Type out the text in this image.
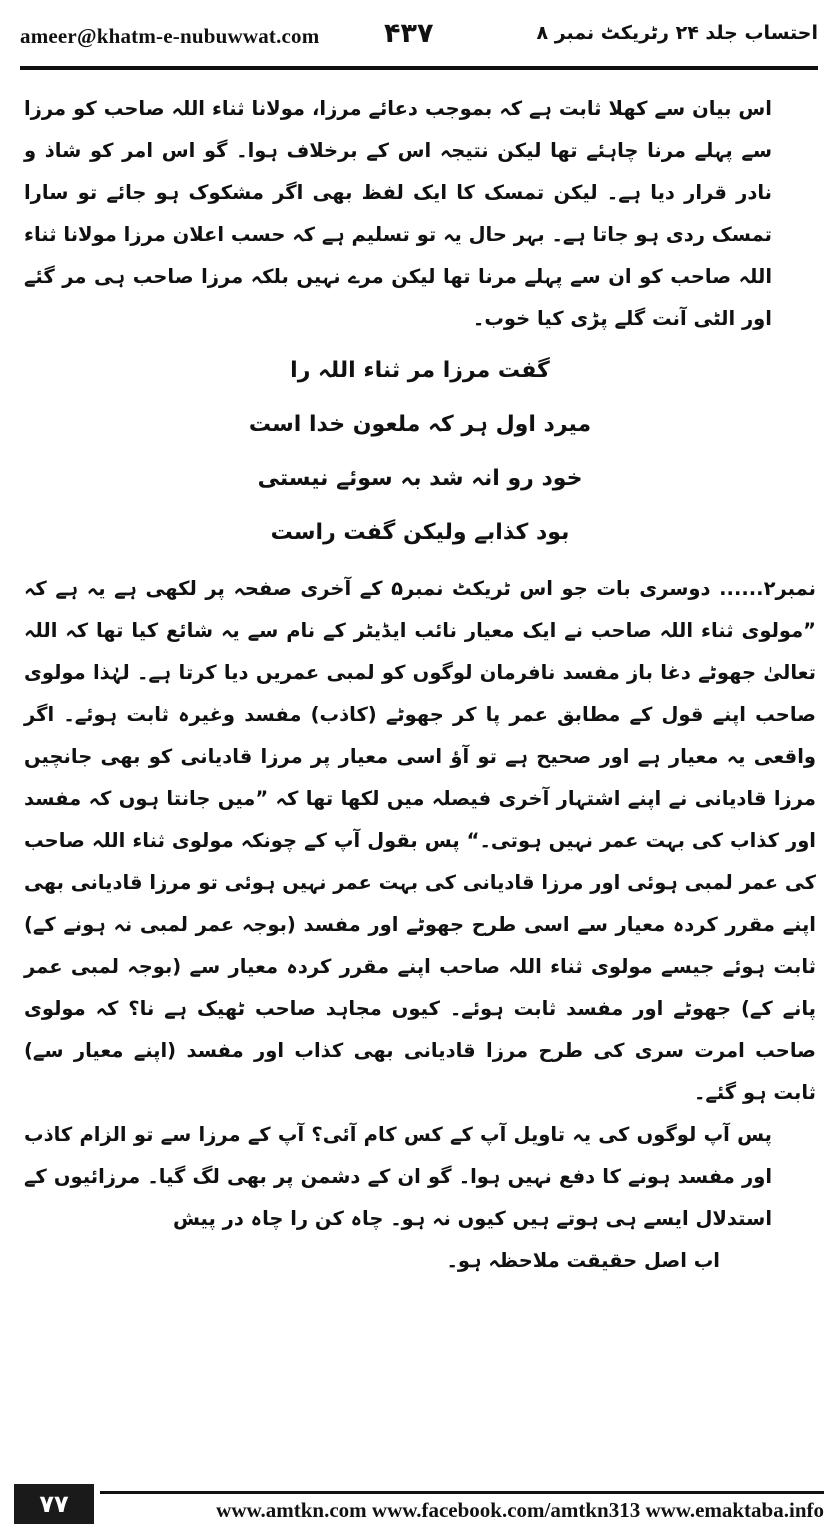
ameer@khatm-e-nubuwwat.com ۴۳۷	احتساب جلد ۲۴ رٹریکٹ نمبر ۸

اس بیان سے کھلا ثابت ہے کہ بموجب دعائے مرزا، مولانا ثناء اللہ صاحب کو مرزا سے پہلے مرنا چاہئے تھا لیکن نتیجہ اس کے برخلاف ہوا۔ گو اس امر کو شاذ و نادر قرار دیا ہے۔ لیکن تمسک کا ایک لفظ بھی اگر مشکوک ہو جائے تو سارا تمسک ردی ہو جاتا ہے۔ بہر حال یہ تو تسلیم ہے کہ حسب اعلان مرزا مولانا ثناء اللہ صاحب کو ان سے پہلے مرنا تھا لیکن مرے نہیں بلکہ مرزا صاحب ہی مر گئے اور الٹی آنت گلے پڑی کیا خوب۔

گفت مرزا مر ثناء اللہ را

میرد اول ہر کہ ملعون خدا است

خود رو انہ شد بہ سوئے نیستی

بود کذابے ولیکن گفت راست

نمبر۲...... دوسری بات جو اس ٹریکٹ نمبر۵ کے آخری صفحہ پر لکھی ہے یہ ہے کہ ”مولوی ثناء اللہ صاحب نے ایک معیار نائب ایڈیٹر کے نام سے یہ شائع کیا تھا کہ اللہ تعالیٰ جھوٹے دغا باز مفسد نافرمان لوگوں کو لمبی عمریں دیا کرتا ہے۔ لہٰذا مولوی صاحب اپنے قول کے مطابق عمر پا کر جھوٹے (کاذب) مفسد وغیرہ ثابت ہوئے۔ اگر واقعی یہ معیار ہے اور صحیح ہے تو آؤ اسی معیار پر مرزا قادیانی کو بھی جانچیں مرزا قادیانی نے اپنے اشتہار آخری فیصلہ میں لکھا تھا کہ ”میں جانتا ہوں کہ مفسد اور کذاب کی بہت عمر نہیں ہوتی۔“ پس بقول آپ کے چونکہ مولوی ثناء اللہ صاحب کی عمر لمبی ہوئی اور مرزا قادیانی کی بہت عمر نہیں ہوئی تو مرزا قادیانی بھی اپنے مقرر کردہ معیار سے اسی طرح جھوٹے اور مفسد (بوجہ عمر لمبی نہ ہونے کے) ثابت ہوئے جیسے مولوی ثناء اللہ صاحب اپنے مقرر کردہ معیار سے (بوجہ لمبی عمر پانے کے) جھوٹے اور مفسد ثابت ہوئے۔ کیوں مجاہد صاحب ٹھیک ہے نا؟ کہ مولوی صاحب امرت سری کی طرح مرزا قادیانی بھی کذاب اور مفسد (اپنے معیار سے) ثابت ہو گئے۔

پس آپ لوگوں کی یہ تاویل آپ کے کس کام آئی؟ آپ کے مرزا سے تو الزام کاذب اور مفسد ہونے کا دفع نہیں ہوا۔ گو ان کے دشمن پر بھی لگ گیا۔ مرزائیوں کے استدلال ایسے ہی ہوتے ہیں کیوں نہ ہو۔ چاہ کن را چاہ در پیش

اب اصل حقیقت ملاحظہ ہو۔

۷۷	www.amtkn.com www.facebook.com/amtkn313 www.emaktaba.info
